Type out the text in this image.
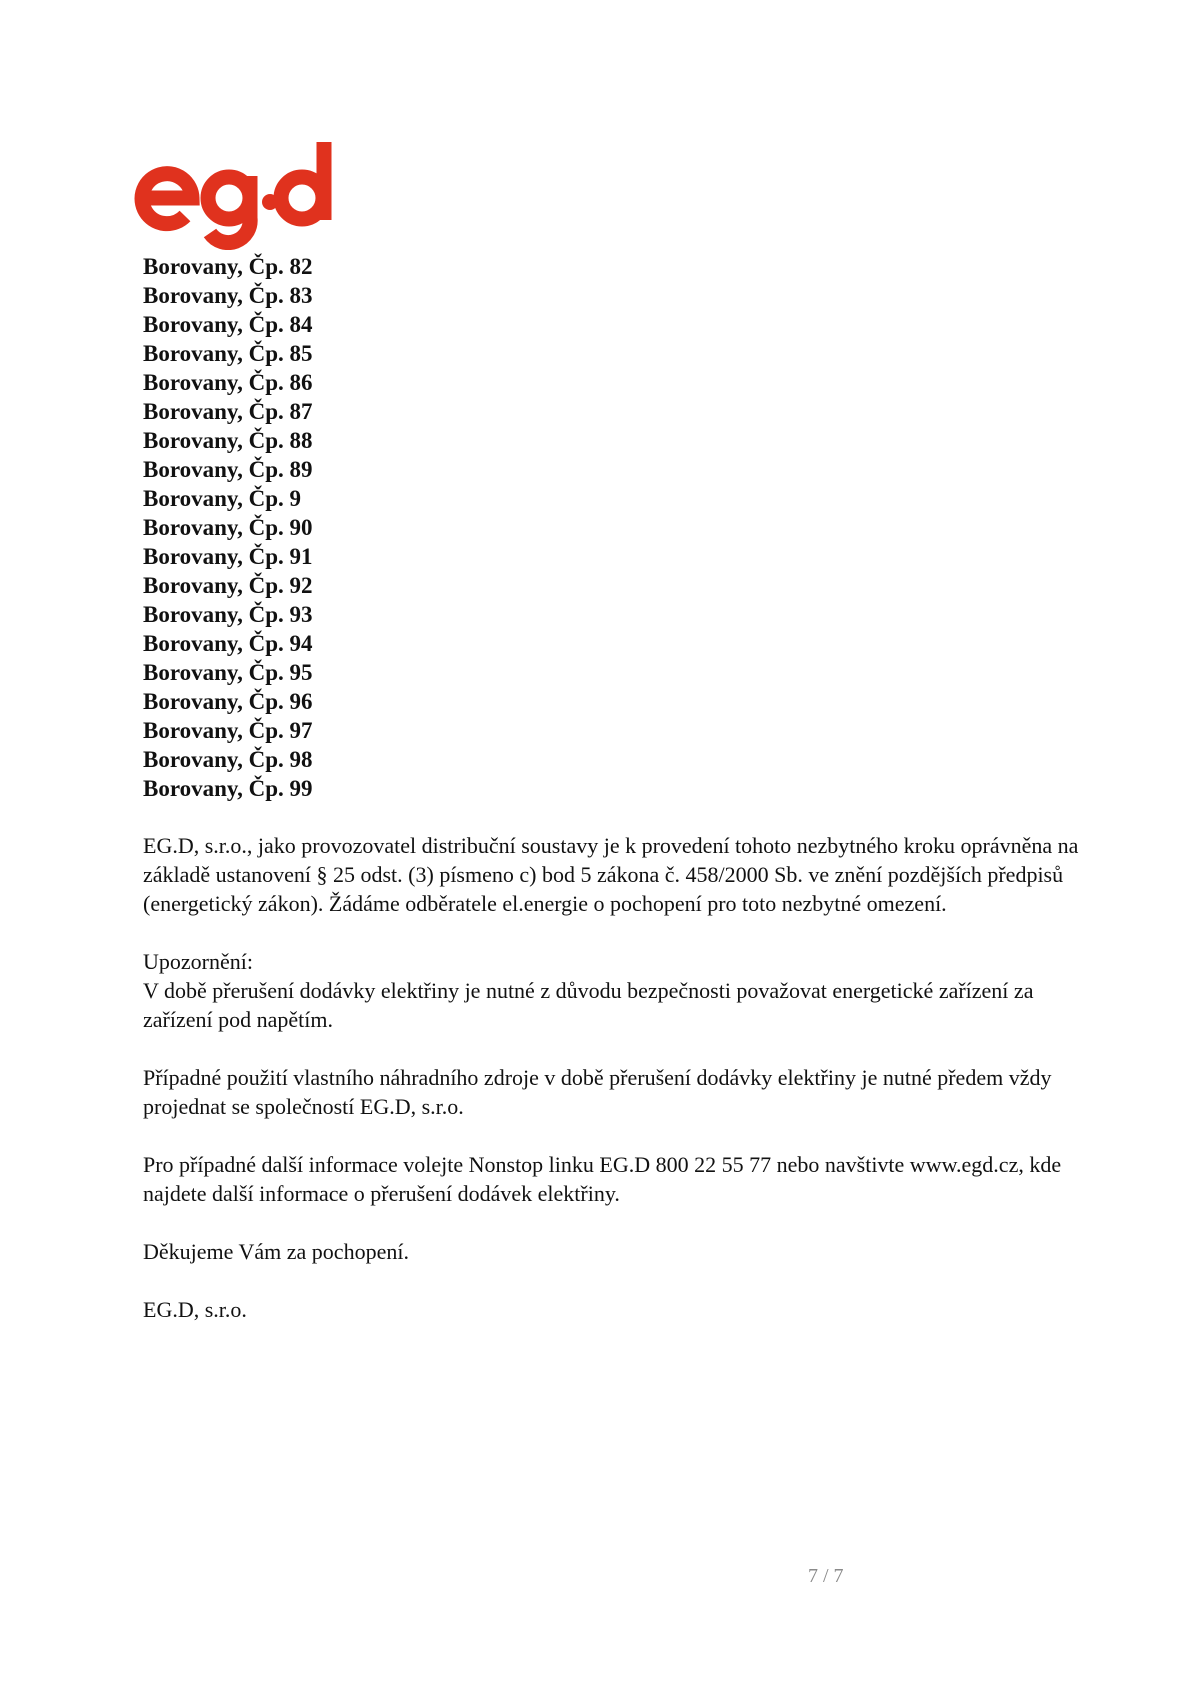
Borovany, Čp. 82
Borovany, Čp. 83
Borovany, Čp. 84
Borovany, Čp. 85
Borovany, Čp. 86
Borovany, Čp. 87
Borovany, Čp. 88
Borovany, Čp. 89
Borovany, Čp. 9
Borovany, Čp. 90
Borovany, Čp. 91
Borovany, Čp. 92
Borovany, Čp. 93
Borovany, Čp. 94
Borovany, Čp. 95
Borovany, Čp. 96
Borovany, Čp. 97
Borovany, Čp. 98
Borovany, Čp. 99

EG.D, s.r.o., jako provozovatel distribuční soustavy je k provedení tohoto nezbytného kroku oprávněna na základě ustanovení § 25 odst. (3) písmeno c) bod 5 zákona č. 458/2000 Sb. ve znění pozdějších předpisů (energetický zákon). Žádáme odběratele el.energie o pochopení pro toto nezbytné omezení.

Upozornění:

V době přerušení dodávky elektřiny je nutné z důvodu bezpečnosti považovat energetické zařízení za zařízení pod napětím.

Případné použití vlastního náhradního zdroje v době přerušení dodávky elektřiny je nutné předem vždy projednat se společností EG.D, s.r.o.

Pro případné další informace volejte Nonstop linku EG.D 800 22 55 77 nebo navštivte www.egd.cz, kde najdete další informace o přerušení dodávek elektřiny.

Děkujeme Vám za pochopení.

EG.D, s.r.o.

7 / 7
